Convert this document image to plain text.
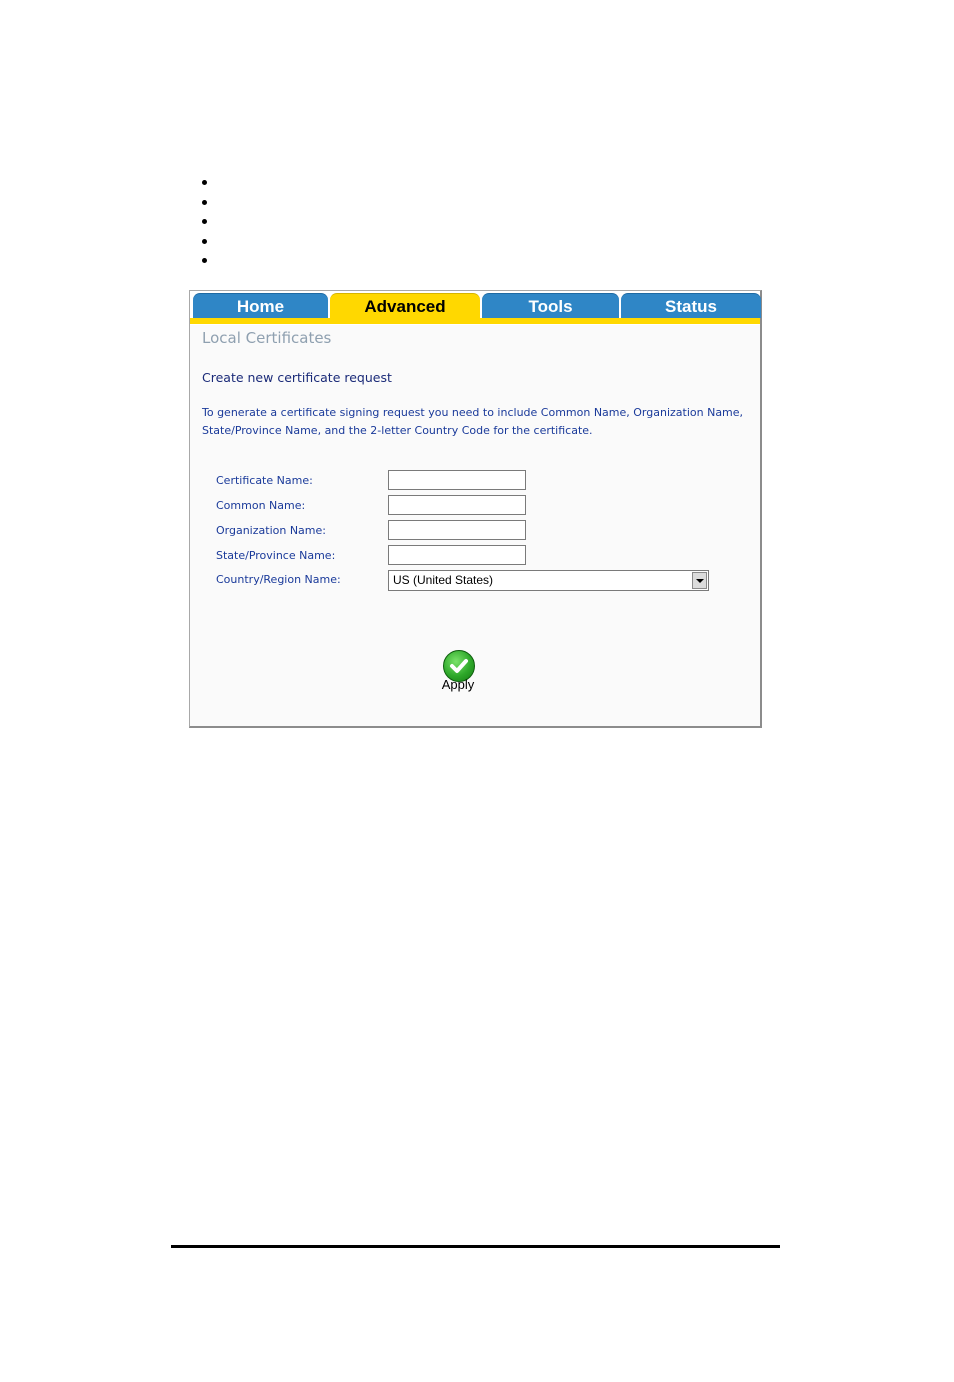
Home	Advanced	Tools	Status
Local Certificates
Create new certificate request
To generate a certificate signing request you need to include Common Name, Organization Name, State/Province Name, and the 2-letter Country Code for the certificate.
Certificate Name:
Common Name:
Organization Name:
State/Province Name:
Country/Region Name:	US (United States)
Apply
